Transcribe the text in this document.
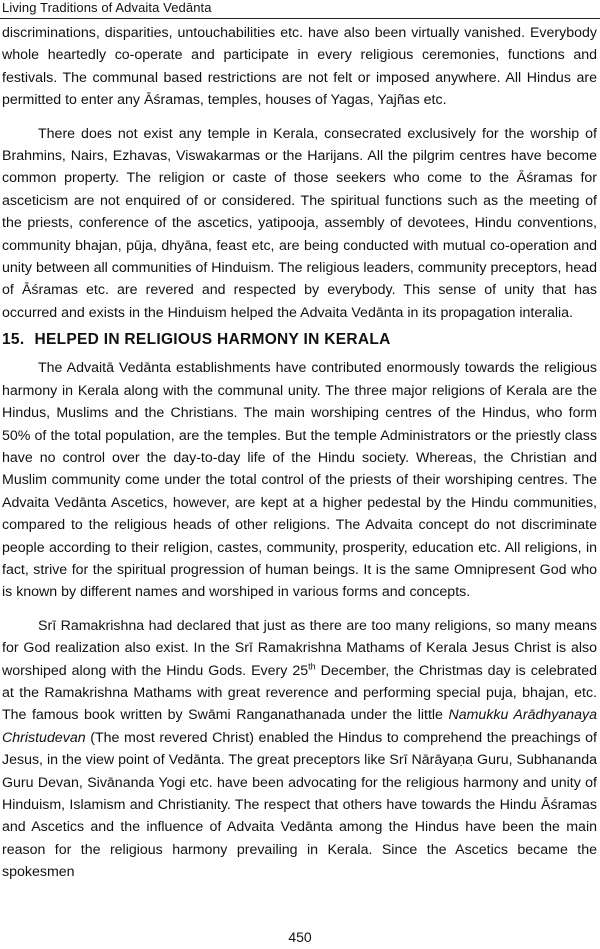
Living Traditions of Advaita Vedānta

discriminations, disparities, untouchabilities etc. have also been virtually vanished. Everybody whole heartedly co-operate and participate in every religious ceremonies, functions and festivals. The communal based restrictions are not felt or imposed anywhere. All Hindus are permitted to enter any Āśramas, temples, houses of Yagas, Yajñas etc.

There does not exist any temple in Kerala, consecrated exclusively for the worship of Brahmins, Nairs, Ezhavas, Viswakarmas or the Harijans. All the pilgrim centres have become common property. The religion or caste of those seekers who come to the Āśramas for asceticism are not enquired of or considered. The spiritual functions such as the meeting of the priests, conference of the ascetics, yatipooja, assembly of devotees, Hindu conventions, community bhajan, pūja, dhyāna, feast etc, are being conducted with mutual co-operation and unity between all communities of Hinduism. The religious leaders, community preceptors, head of Āśramas etc. are revered and respected by everybody. This sense of unity that has occurred and exists in the Hinduism helped the Advaita Vedānta in its propagation interalia.

15. HELPED IN RELIGIOUS HARMONY IN KERALA

The Advaitā Vedānta establishments have contributed enormously towards the religious harmony in Kerala along with the communal unity. The three major religions of Kerala are the Hindus, Muslims and the Christians. The main worshiping centres of the Hindus, who form 50% of the total population, are the temples. But the temple Administrators or the priestly class have no control over the day-to-day life of the Hindu society. Whereas, the Christian and Muslim community come under the total control of the priests of their worshiping centres. The Advaita Vedānta Ascetics, however, are kept at a higher pedestal by the Hindu communities, compared to the religious heads of other religions. The Advaita concept do not discriminate people according to their religion, castes, community, prosperity, education etc. All religions, in fact, strive for the spiritual progression of human beings. It is the same Omnipresent God who is known by different names and worshiped in various forms and concepts.

Srī Ramakrishna had declared that just as there are too many religions, so many means for God realization also exist. In the Srī Ramakrishna Mathams of Kerala Jesus Christ is also worshiped along with the Hindu Gods. Every 25th December, the Christmas day is celebrated at the Ramakrishna Mathams with great reverence and performing special puja, bhajan, etc. The famous book written by Swāmi Ranganathanada under the little Namukku Arādhyanaya Christudevan (The most revered Christ) enabled the Hindus to comprehend the preachings of Jesus, in the view point of Vedānta. The great preceptors like Srī Nārāyaṇa Guru, Subhananda Guru Devan, Sivānanda Yogi etc. have been advocating for the religious harmony and unity of Hinduism, Islamism and Christianity. The respect that others have towards the Hindu Āśramas and Ascetics and the influence of Advaita Vedānta among the Hindus have been the main reason for the religious harmony prevailing in Kerala. Since the Ascetics became the spokesmen

450
